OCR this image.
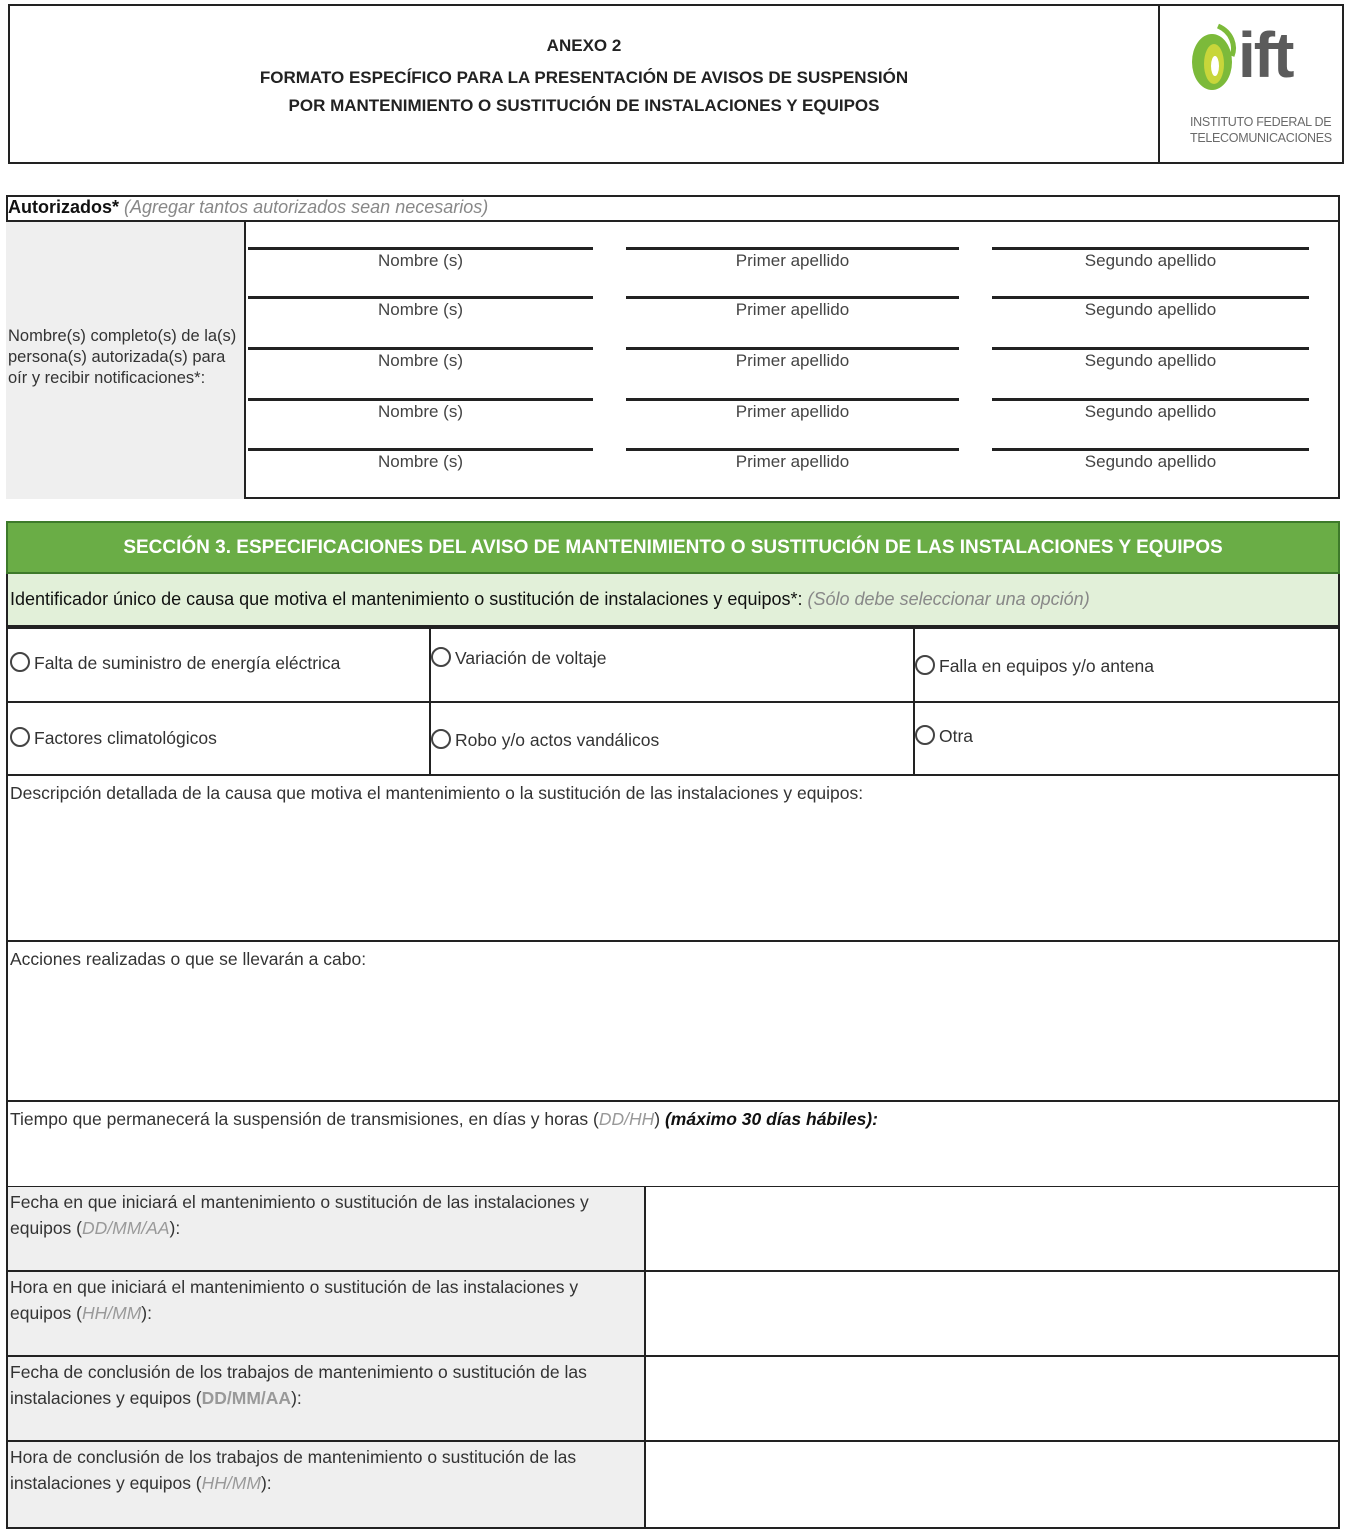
ANEXO 2
FORMATO ESPECÍFICO PARA LA PRESENTACIÓN DE AVISOS DE SUSPENSIÓN
POR MANTENIMIENTO O SUSTITUCIÓN DE INSTALACIONES Y EQUIPOS
ift
INSTITUTO FEDERAL DE
TELECOMUNICACIONES
Autorizados* (Agregar tantos autorizados sean necesarios)
Nombre(s) completo(s) de la(s) persona(s) autorizada(s) para oír y recibir notificaciones*:
Nombre (s)	Primer apellido	Segundo apellido
Nombre (s)	Primer apellido	Segundo apellido
Nombre (s)	Primer apellido	Segundo apellido
Nombre (s)	Primer apellido	Segundo apellido
Nombre (s)	Primer apellido	Segundo apellido
SECCIÓN 3. ESPECIFICACIONES DEL AVISO DE MANTENIMIENTO O SUSTITUCIÓN DE LAS INSTALACIONES Y EQUIPOS
Identificador único de causa que motiva el mantenimiento o sustitución de instalaciones y equipos*: (Sólo debe seleccionar una opción)
Falta de suministro de energía eléctrica	Variación de voltaje	Falla en equipos y/o antena
Factores climatológicos	Robo y/o actos vandálicos	Otra
Descripción detallada de la causa que motiva el mantenimiento o la sustitución de las instalaciones y equipos:
Acciones realizadas o que se llevarán a cabo:
Tiempo que permanecerá la suspensión de transmisiones, en días y horas (DD/HH) (máximo 30 días hábiles):
Fecha en que iniciará el mantenimiento o sustitución de las instalaciones y equipos (DD/MM/AA):
Hora en que iniciará el mantenimiento o sustitución de las instalaciones y equipos (HH/MM):
Fecha de conclusión de los trabajos de mantenimiento o sustitución de las instalaciones y equipos (DD/MM/AA):
Hora de conclusión de los trabajos de mantenimiento o sustitución de las instalaciones y equipos (HH/MM):
